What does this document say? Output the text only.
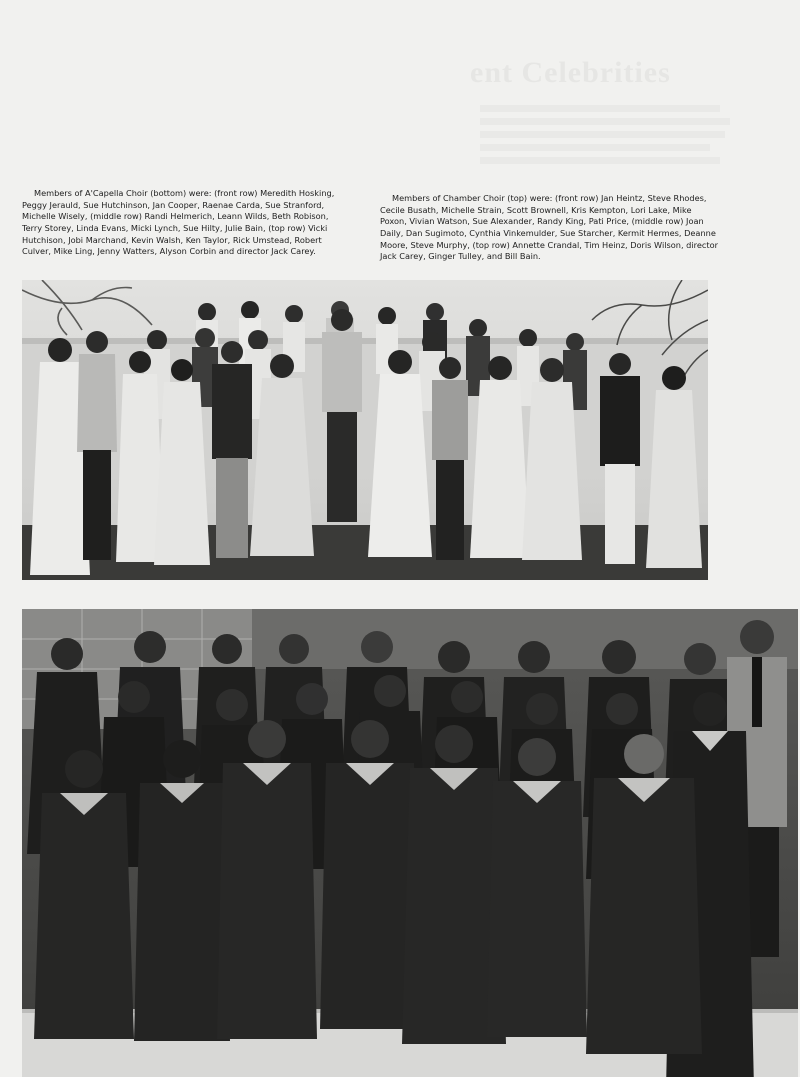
ent Celebrities

Members of A'Capella Choir (bottom) were: (front row) Meredith Hosking, Peggy Jerauld, Sue Hutchinson, Jan Cooper, Raenae Carda, Sue Stranford, Michelle Wisely, (middle row) Randi Helmerich, Leann Wilds, Beth Robison, Terry Storey, Linda Evans, Micki Lynch, Sue Hilty, Julie Bain, (top row) Vicki Hutchison, Jobi Marchand, Kevin Walsh, Ken Taylor, Rick Umstead, Robert Culver, Mike Ling, Jenny Watters, Alyson Corbin and director Jack Carey.

Members of Chamber Choir (top) were: (front row) Jan Heintz, Steve Rhodes, Cecile Busath, Michelle Strain, Scott Brownell, Kris Kempton, Lori Lake, Mike Poxon, Vivian Watson, Sue Alexander, Randy King, Pati Price, (middle row) Joan Daily, Dan Sugimoto, Cynthia Vinkemulder, Sue Starcher, Kermit Hermes, Deanne Moore, Steve Murphy, (top row) Annette Crandal, Tim Heinz, Doris Wilson, director Jack Carey, Ginger Tulley, and Bill Bain.
